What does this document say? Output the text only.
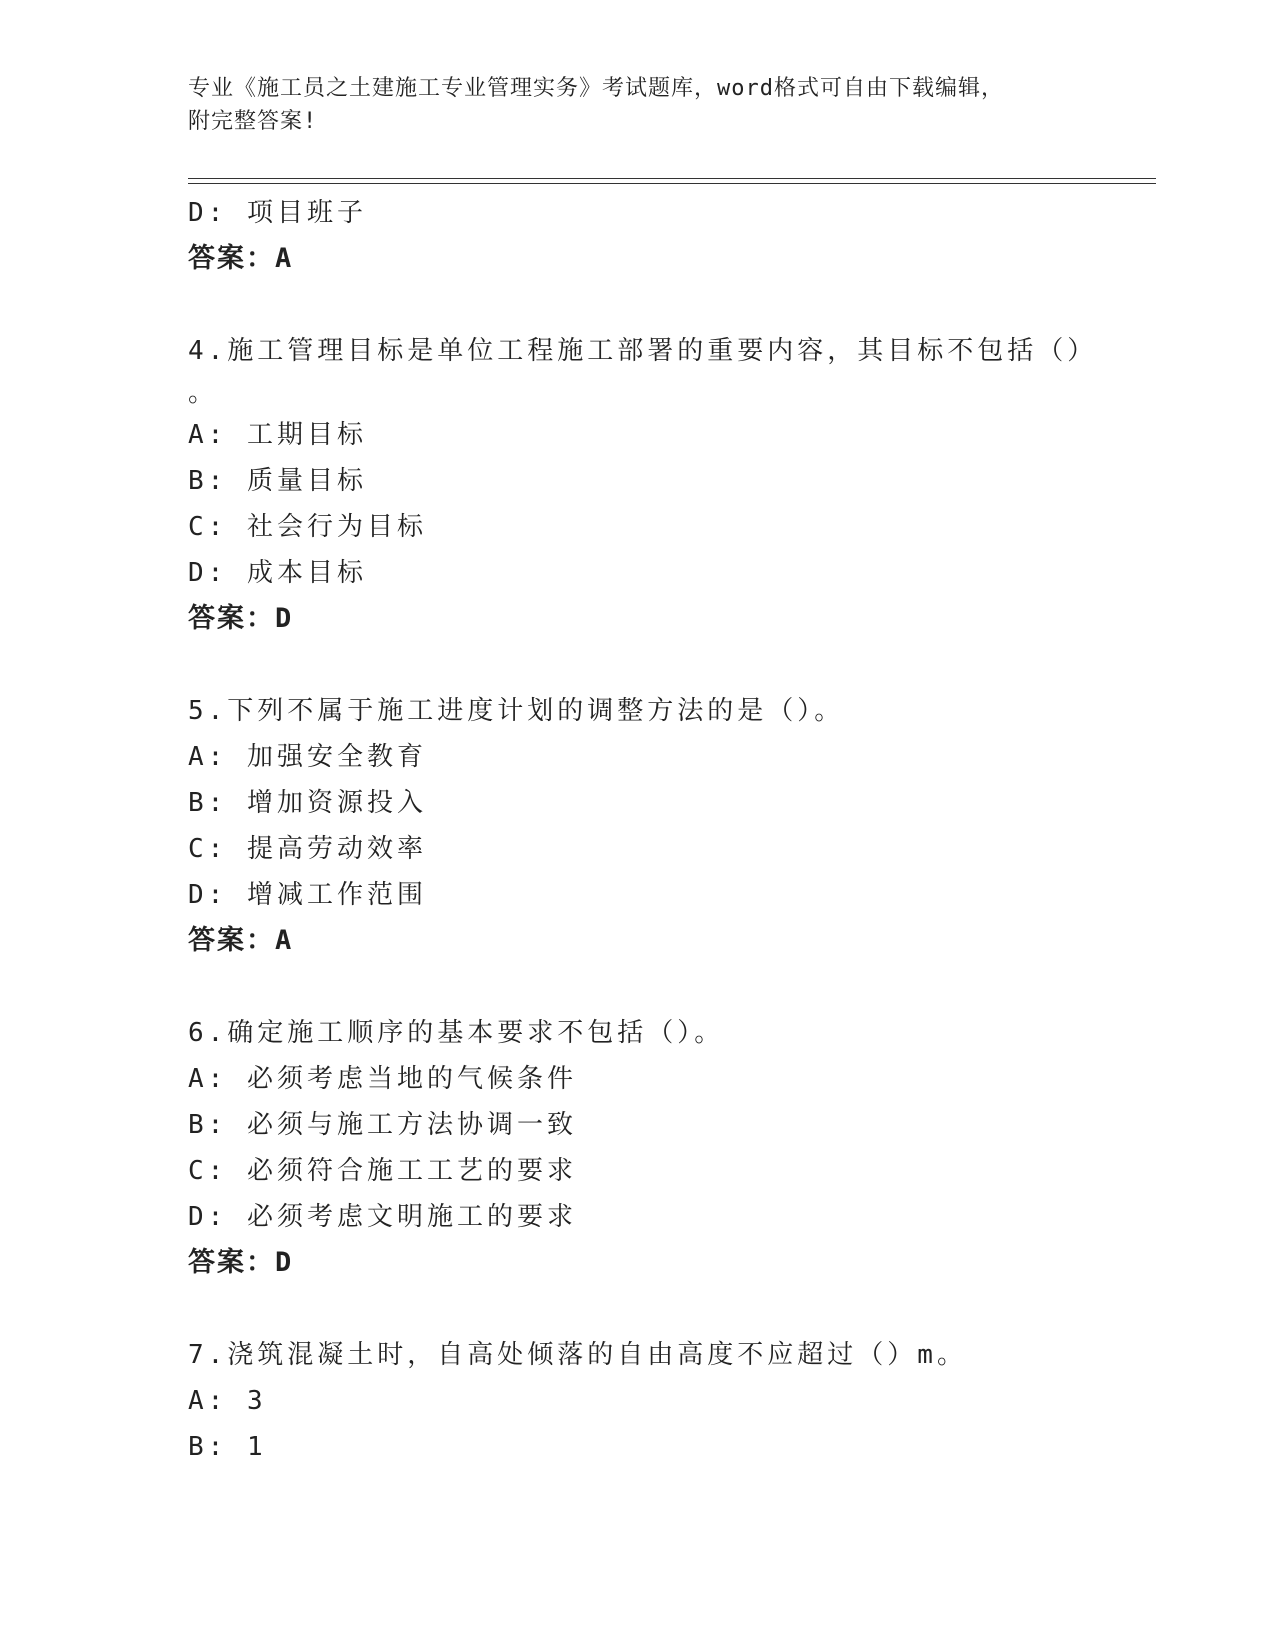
专业《施工员之土建施工专业管理实务》考试题库，word格式可自由下载编辑，
附完整答案!
D: 项目班子
答案：A
4.施工管理目标是单位工程施工部署的重要内容，其目标不包括（）
。
A: 工期目标
B: 质量目标
C: 社会行为目标
D: 成本目标
答案：D
5.下列不属于施工进度计划的调整方法的是（）。
A: 加强安全教育
B: 增加资源投入
C: 提高劳动效率
D: 增减工作范围
答案：A
6.确定施工顺序的基本要求不包括（）。
A: 必须考虑当地的气候条件
B: 必须与施工方法协调一致
C: 必须符合施工工艺的要求
D: 必须考虑文明施工的要求
答案：D
7.浇筑混凝土时，自高处倾落的自由高度不应超过（）m。
A: 3
B: 1
